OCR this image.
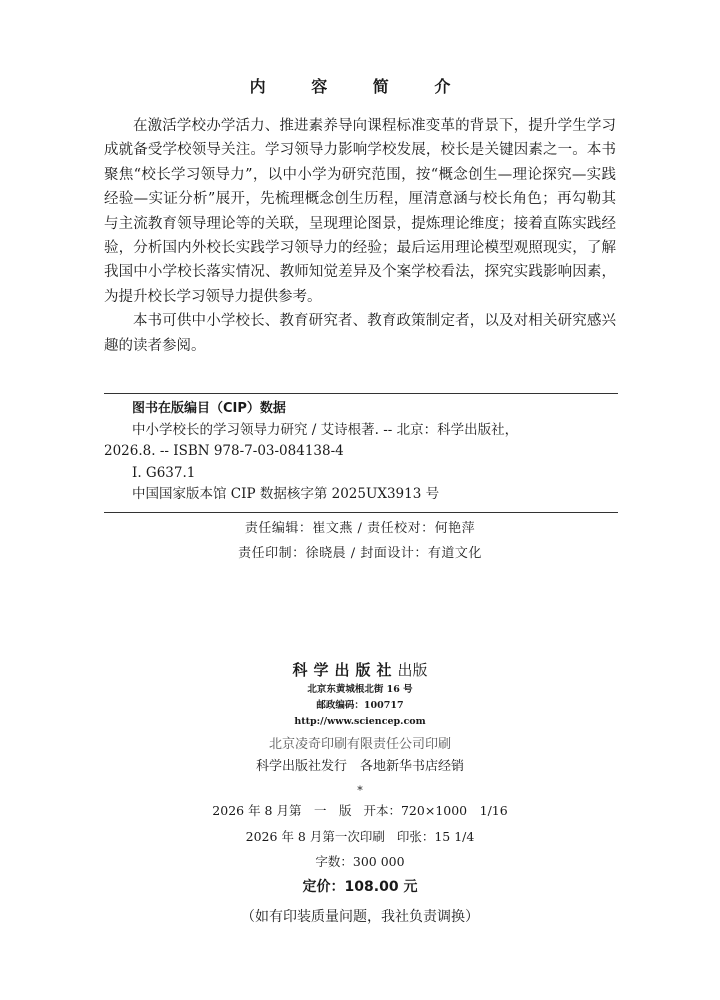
内 容 简 介

在激活学校办学活力、推进素养导向课程标准变革的背景下，提升学生学习成就备受学校领导关注。学习领导力影响学校发展，校长是关键因素之一。本书聚焦“校长学习领导力”，以中小学为研究范围，按“概念创生—理论探究—实践经验—实证分析”展开，先梳理概念创生历程，厘清意涵与校长角色；再勾勒其与主流教育领导理论等的关联，呈现理论图景，提炼理论维度；接着直陈实践经验，分析国内外校长实践学习领导力的经验；最后运用理论模型观照现实，了解我国中小学校长落实情况、教师知觉差异及个案学校看法，探究实践影响因素，为提升校长学习领导力提供参考。

本书可供中小学校长、教育研究者、教育政策制定者，以及对相关研究感兴趣的读者参阅。

图书在版编目（CIP）数据
中小学校长的学习领导力研究 / 艾诗根著. -- 北京：科学出版社，
2026.8. -- ISBN 978-7-03-084138-4
Ⅰ. G637.1
中国国家版本馆 CIP 数据核字第 2025UX3913 号
责任编辑：崔文燕 / 责任校对：何艳萍
责任印制：徐晓晨 / 封面设计：有道文化
科学出版社出版
北京东黄城根北街 16 号
邮政编码：100717
http://www.sciencep.com
北京凌奇印刷有限责任公司印刷
科学出版社发行　各地新华书店经销
*
2026 年 8 月第　一　版 开本：720×1000　1/16
2026 年 8 月第一次印刷 印张：15 1/4
字数：300 000
定价：108.00 元
（如有印装质量问题，我社负责调换）
